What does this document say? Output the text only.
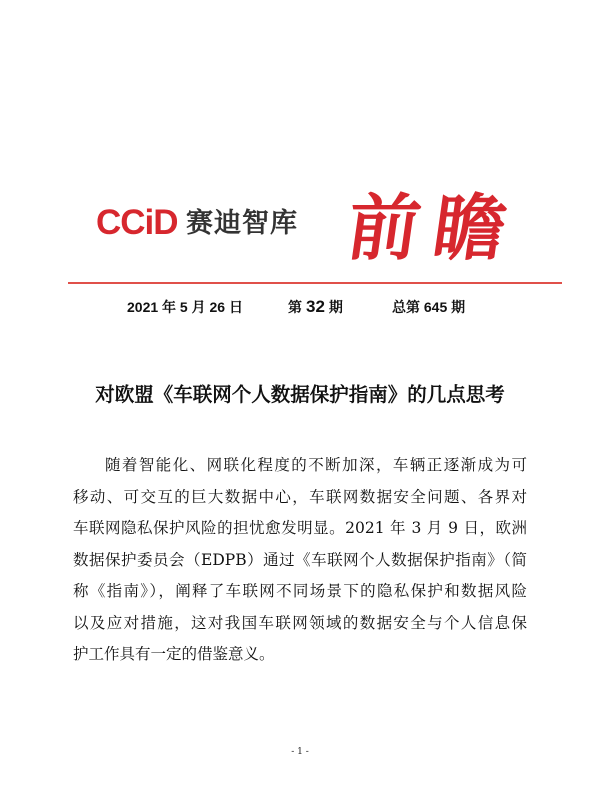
CCiD 赛迪智库 前瞻
2021 年 5 月 26 日	第 32 期	总第 645 期
对欧盟《车联网个人数据保护指南》的几点思考
随着智能化、网联化程度的不断加深，车辆正逐渐成为可
移动、可交互的巨大数据中心，车联网数据安全问题、各界对
车联网隐私保护风险的担忧愈发明显。2021 年 3 月 9 日，欧洲
数据保护委员会（EDPB）通过《车联网个人数据保护指南》（简
称《指南》），阐释了车联网不同场景下的隐私保护和数据风险
以及应对措施，这对我国车联网领域的数据安全与个人信息保
护工作具有一定的借鉴意义。
- 1 -
